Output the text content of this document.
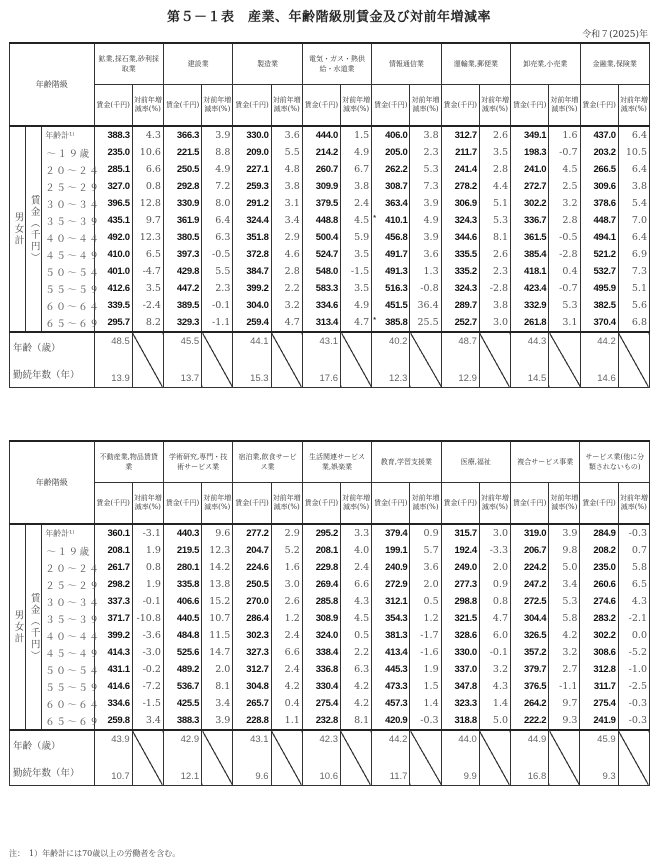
第５－１表　産業、年齢階級別賃金及び対前年増減率
令和７(2025)年
年齢階級			鉱業,採石業,砂利採取業		建設業		製造業		電気・ガス・熱供給・水道業		情報通信業		運輸業,郵便業		卸売業,小売業		金融業,保険業	
			賃金(千円)	対前年増減率(%)	賃金(千円)	対前年増減率(%)	賃金(千円)	対前年増減率(%)	賃金(千円)	対前年増減率(%)	賃金(千円)	対前年増減率(%)	賃金(千円)	対前年増減率(%)	賃金(千円)	対前年増減率(%)	賃金(千円)	対前年増減率(%)
男女計	賃金（千円）	年齢計¹⁾	388.3	4.3	366.3	3.9	330.0	3.6	444.0	1.5	406.0	3.8	312.7	2.6	349.1	1.6	437.0	6.4
		～１９歳	235.0	10.6	221.5	8.8	209.0	5.5	214.2	4.9	205.0	2.3	211.7	3.5	198.3	-0.7	203.2	10.5
		２０～２４	285.1	6.6	250.5	4.9	227.1	4.8	260.7	6.7	262.2	5.3	241.4	2.8	241.0	4.5	266.5	6.4
		２５～２９	327.0	0.8	292.8	7.2	259.3	3.8	309.9	3.8	308.7	7.3	278.2	4.4	272.7	2.5	309.6	3.8
		３０～３４	396.5	12.8	330.9	8.0	291.2	3.1	379.5	2.4	363.4	3.9	306.9	5.1	302.2	3.2	378.6	5.4
		３５～３９	435.1	9.7	361.9	6.4	324.4	3.4	448.8	4.5	* 410.1	4.9	324.3	5.3	336.7	2.8	448.7	7.0
		４０～４４	492.0	12.3	380.5	6.3	351.8	2.9	500.4	5.9	456.8	3.9	344.6	8.1	361.5	-0.5	494.1	6.4
		４５～４９	410.0	6.5	397.3	-0.5	372.8	4.6	524.7	3.5	491.7	3.6	335.5	2.6	385.4	-2.8	521.2	6.9
		５０～５４	401.0	-4.7	429.8	5.5	384.7	2.8	548.0	-1.5	491.3	1.3	335.2	2.3	418.1	0.4	532.7	7.3
		５５～５９	412.6	3.5	447.2	2.3	399.2	2.2	583.3	3.5	516.3	-0.8	324.3	-2.8	423.4	-0.7	495.9	5.1
		６０～６４	339.5	-2.4	389.5	-0.1	304.0	3.2	334.6	4.9	451.5	36.4	289.7	3.8	332.9	5.3	382.5	5.6
		６５～６９	295.7	8.2	329.3	-1.1	259.4	4.7	313.4	4.7	* 385.8	25.5	252.7	3.0	261.8	3.1	370.4	6.8
年齢（歳）			48.5		45.5		44.1		43.1		40.2		48.7		44.3		44.2	
勤続年数（年）			13.9		13.7		15.3		17.6		12.3		12.9		14.5		14.6	
年齢階級			不動産業,物品賃貸業		学術研究,専門・技術サービス業		宿泊業,飲食サービス業		生活関連サービス業,娯楽業		教育,学習支援業		医療,福祉		複合サービス事業		サービス業(他に分類されないもの)	
			賃金(千円)	対前年増減率(%)	賃金(千円)	対前年増減率(%)	賃金(千円)	対前年増減率(%)	賃金(千円)	対前年増減率(%)	賃金(千円)	対前年増減率(%)	賃金(千円)	対前年増減率(%)	賃金(千円)	対前年増減率(%)	賃金(千円)	対前年増減率(%)
男女計	賃金（千円）	年齢計¹⁾	360.1	-3.1	440.3	9.6	277.2	2.9	295.2	3.3	379.4	0.9	315.7	3.0	319.0	3.9	284.9	-0.3
		～１９歳	208.1	1.9	219.5	12.3	204.7	5.2	208.1	4.0	199.1	5.7	192.4	-3.3	206.7	9.8	208.2	0.7
		２０～２４	261.7	0.8	280.1	14.2	224.6	1.6	229.8	2.4	240.9	3.6	249.0	2.0	224.2	5.0	235.0	5.8
		２５～２９	298.2	1.9	335.8	13.8	250.5	3.0	269.4	6.6	272.9	2.0	277.3	0.9	247.2	3.4	260.6	6.5
		３０～３４	337.3	-0.1	406.6	15.2	270.0	2.6	285.8	4.3	312.1	0.5	298.8	0.8	272.5	5.3	274.6	4.3
		３５～３９	371.7	-10.8	440.5	10.7	286.4	1.2	308.9	4.5	354.3	1.2	321.5	4.7	304.4	5.8	283.2	-2.1
		４０～４４	399.2	-3.6	484.8	11.5	302.3	2.4	324.0	0.5	381.3	-1.7	328.6	6.0	326.5	4.2	302.2	0.0
		４５～４９	414.3	-3.0	525.6	14.7	327.3	6.6	338.4	2.2	413.4	-1.6	330.0	-0.1	357.2	3.2	308.6	-5.2
		５０～５４	431.1	-0.2	489.2	2.0	312.7	2.4	336.8	6.3	445.3	1.9	337.0	3.2	379.7	2.7	312.8	-1.0
		５５～５９	414.6	-7.2	536.7	8.1	304.8	4.2	330.4	4.2	473.3	1.5	347.8	4.3	376.5	-1.1	311.7	-2.5
		６０～６４	334.6	-1.5	425.5	3.4	265.7	0.4	275.4	4.2	457.3	1.4	323.3	1.4	264.2	9.7	275.4	-0.3
		６５～６９	259.8	3.4	388.3	3.9	228.8	1.1	232.8	8.1	420.9	-0.3	318.8	5.0	222.2	9.3	241.9	-0.3
年齢（歳）			43.9		42.9		43.1		42.3		44.2		44.0		44.9		45.9	
勤続年数（年）			10.7		12.1		9.6		10.6		11.7		9.9		16.8		9.3	
注：　1）年齢計には70歳以上の労働者を含む。
